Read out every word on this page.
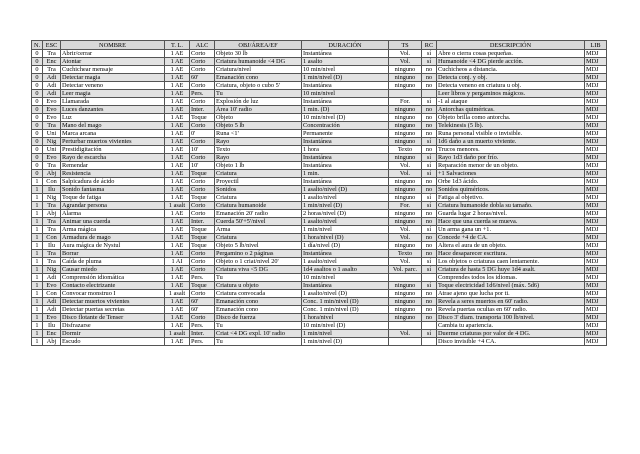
N.	ESC	NOMBRE	T. L.	ALC	OBJ/ÁREA/EF	DURACIÓN	TS	RC	DESCRIPCIÓN	LIB
0	Tra	Abrir/cerrar	1 AE	Corto	Objeto 30 lb	Instantánea	Vol.	sí	Abre o cierra cosas pequeñas.	MDJ
0	Enc	Atontar	1 AE	Corto	Criatura humanoide <4 DG	1 asalto	Vol.	sí	Humanoide <4 DG pierde acción.	MDJ
0	Tra	Cuchichear mensaje	1 AE	Corto	Criatura/nivel	10 min/nivel	ninguno	no	Cuchicheos a distancia.	MDJ
0	Adi	Detectar magia	1 AE	60'	Emanación cono	1 min/nivel (D)	ninguno	no	Detecta conj. y obj.	MDJ
0	Adi	Detectar veneno	1 AE	Corto	Criatura, objeto o cubo 5'	Instantánea	ninguno	no	Detecta veneno en criatura u obj.	MDJ
0	Adi	Leer magia	1 AE	Pers.	Tu	10 min/nivel			Leer libros y pergaminos mágicos.	MDJ
0	Evo	Llamarada	1 AE	Corto	Explosión de luz	Instantánea	For.	sí	-1 al ataque	MDJ
0	Evo	Luces danzantes	1 AE	Inter.	Área 10' radio	1 min. (D)	ninguno	no	Antorchas quiméricas.	MDJ
0	Evo	Luz	1 AE	Toque	Objeto	10 min/nivel (D)	ninguno	no	Objeto brilla como antorcha.	MDJ
0	Tra	Mano del mago	1 AE	Corto	Objeto 5 lb	Concentración	ninguno	no	Telekinesis (5 lb).	MDJ
0	Uni	Marca arcana	1 AE	0'	Runa <1'	Permanente	ninguno	no	Runa personal visible o invisible.	MDJ
0	Nig	Perturbar muertos vivientes	1 AE	Corto	Rayo	Instantánea	ninguno	sí	1d6 daño a un muerto viviente.	MDJ
0	Uni	Prestidigitación	1 AE	10'	Texto	1 hora	Texto	no	Trucos menores.	MDJ
0	Evo	Rayo de escarcha	1 AE	Corto	Rayo	Instantánea	ninguno	sí	Rayo 1d3 daño por frío.	MDJ
0	Tra	Remendar	1 AE	10'	Objeto 1 lb	Instantánea	Vol.	sí	Reparación menor de un objeto.	MDJ
0	Abj	Resistencia	1 AE	Toque	Criatura	1 min.	Vol.	sí	+1 Salvaciones	MDJ
1	Con	Salpicadura de ácido	1 AE	Corto	Proyectil	Instantánea	ninguno	no	Orbe 1d3 ácido.	MDJ
1	Ilu	Sonido fantasma	1 AE	Corto	Sonidos	1 asalto/nivel (D)	ninguno	no	Sonidos quiméricos.	MDJ
1	Nig	Toque de fatiga	1 AE	Toque	Criatura	1 asalto/nivel	ninguno	sí	Fatiga al objetivo.	MDJ
1	Tra	Agrandar persona	1 asalt	Corto	Criatura humanoide	1 min/nivel (D)	For.	sí	Criatura humanoide dobla su tamaño.	MDJ
1	Abj	Alarma	1 AE	Corto	Emanación 20' radio	2 horas/nivel (D)	ninguno	no	Guarda lugar 2 horas/nivel.	MDJ
1	Tra	Animar una cuerda	1 AE	Inter.	Cuerda 50'+5'/nivel	1 asalto/nivel	ninguno	no	Hace que una cuerda se mueva.	MDJ
1	Tra	Arma mágica	1 AE	Toque	Arma	1 min/nivel	Vol.	sí	Un arma gana un +1.	MDJ
1	Con	Armadura de mago	1 AE	Toque	Criatura	1 hora/nivel (D)	Vol.	no	Concede +4 de CA.	MDJ
1	Ilu	Aura mágica de Nystul	1 AE	Toque	Objeto 5 lb/nivel	1 día/nivel (D)	ninguno	no	Altera el aura de un objeto.	MDJ
1	Tra	Borrar	1 AE	Corto	Pergamino o 2 páginas	Instantánea	Texto	no	Hace desaparecer escritura.	MDJ
1	Tra	Caída de pluma	1 AI	Corto	Objeto o 1 criat/nivel 20'	1 asalto/nivel	Vol.	sí	Los objetos o criaturas caen lentamente.	MDJ
1	Nig	Causar miedo	1 AE	Corto	Criatura viva <5 DG	1d4 asaltos o 1 asalto	Vol. parc.	sí	Criatura de hasta 5 DG huye 1d4 asalt.	MDJ
1	Adi	Comprensión idiomática	1 AE	Pers.	Tu	10 min/nivel			Comprendes todos los idiomas.	MDJ
1	Evo	Contacto electrizante	1 AE	Toque	Criatura u objeto	Instantánea	ninguno	sí	Toque electricidad 1d6/nivel (máx. 5d6)	MDJ
1	Con	Convocar monstruo I	1 asalt	Corto	Criatura convocada	1 asalto/nivel (D)	ninguno	no	Atrae ajeno que lucha por ti.	MDJ
1	Adi	Detectar muertos vivientes	1 AE	60'	Emanación cono	Conc. 1 min/nivel (D)	ninguno	no	Revela a seres muertos en 60' radio.	MDJ
1	Adi	Detectar puertas secretas	1 AE	60'	Emanación cono	Conc. 1 min/nivel (D)	ninguno	no	Revela puertas ocultas en 60' radio.	MDJ
1	Evo	Disco flotante de Tenser	1 AE	Corto	Disco de fuerza	1 hora/nivel	ninguno	no	Disco 3' diam. transporta 100 lb/nivel.	MDJ
1	Ilu	Disfrazarse	1 AE	Pers.	Tu	10 min/nivel (D)			Cambia tu apariencia.	MDJ
1	Enc	Dormir	1 asalt	Inter.	Criat <4 DG expl. 10' radio	1 min/nivel	Vol.	sí	Duerme criaturas por valor de 4 DG.	MDJ
1	Abj	Escudo	1 AE	Pers.	Tu	1 min/nivel (D)			Disco invisible +4 CA.	MDJ
